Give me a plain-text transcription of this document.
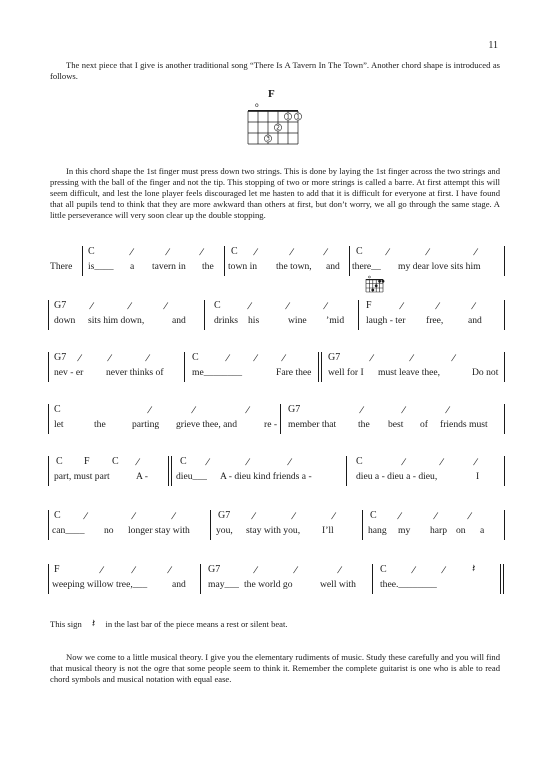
11

The next piece that I give is another traditional song “There Is A Tavern In The Town”. Another chord shape is introduced as follows.

F
o
1 1
2
3

In this chord shape the 1st finger must press down two strings. This is done by laying the 1st finger across the two strings and pressing with the ball of the finger and not the tip. This stopping of two or more strings is called a barre. At first attempt this will seem difficult, and lest the lone player feels discouraged let me hasten to add that it is difficult for everyone at first. I have found that all pupils tend to think that they are more awkward than others at first, but don’t worry, we all go through the same stage. A little perseverance will very soon clear up the double stopping.

C	C	C
/	/	/	/	/	/	/	/	/
There is____ a tavern in the town in the town, and there__ my dear love sits him
G7	C	F
/	/	/	/	/	/	/	/	/
down sits him down,	and	drinks his	wine ’mid laugh - ter free,	and
G7	C	G7
/ /	/	/ / /	/	/	/
nev - er never thinks of	me________	Fare thee well for I must leave thee,	Do not
C	G7
/	/	/	/	/	/
let	the	parting grieve thee, and	re - member that the best of friends must
C F C	C	C
/	/	/	/	/	/	/
part, must part	A -	dieu___ A - dieu kind friends a -	dieu a - dieu a - dieu,	I
C	G7	C
/	/	/	/	/	/	/	/	/
can____ no longer stay with	you, stay with you, I’ll	hang my harp on a
F	G7	C
/	/	/	/	/	/	/ / 𝄽
weeping willow tree,___	and may___ the world go	well with	thee.________
This sign 𝄽 in the last bar of the piece means a rest or silent beat.

Now we come to a little musical theory. I give you the elementary rudiments of music. Study these carefully and you will find that musical theory is not the ogre that some people seem to think it. Remember the complete guitarist is one who is able to read chord symbols and musical notation with equal ease.
